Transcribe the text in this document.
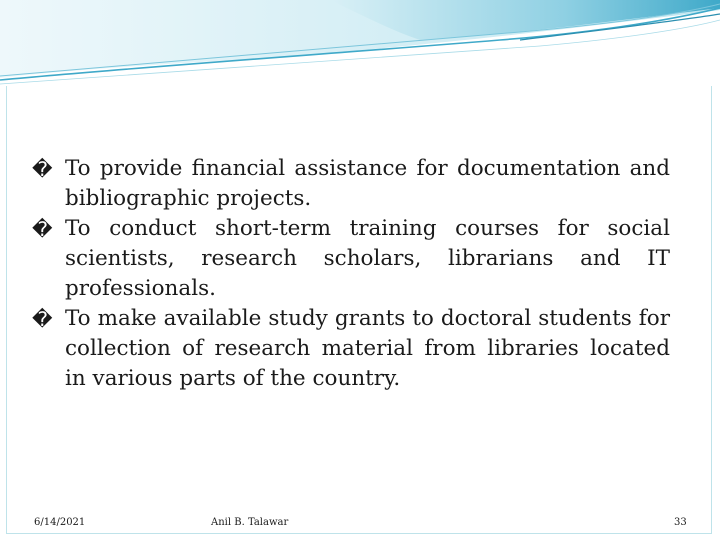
� To provide financial assistance for documentation and bibliographic projects.
� To conduct short-term training courses for social scientists, research scholars, librarians and IT professionals.
� To make available study grants to doctoral students for collection of research material from libraries located in various parts of the country.
6/14/2021	Anil B. Talawar	33
